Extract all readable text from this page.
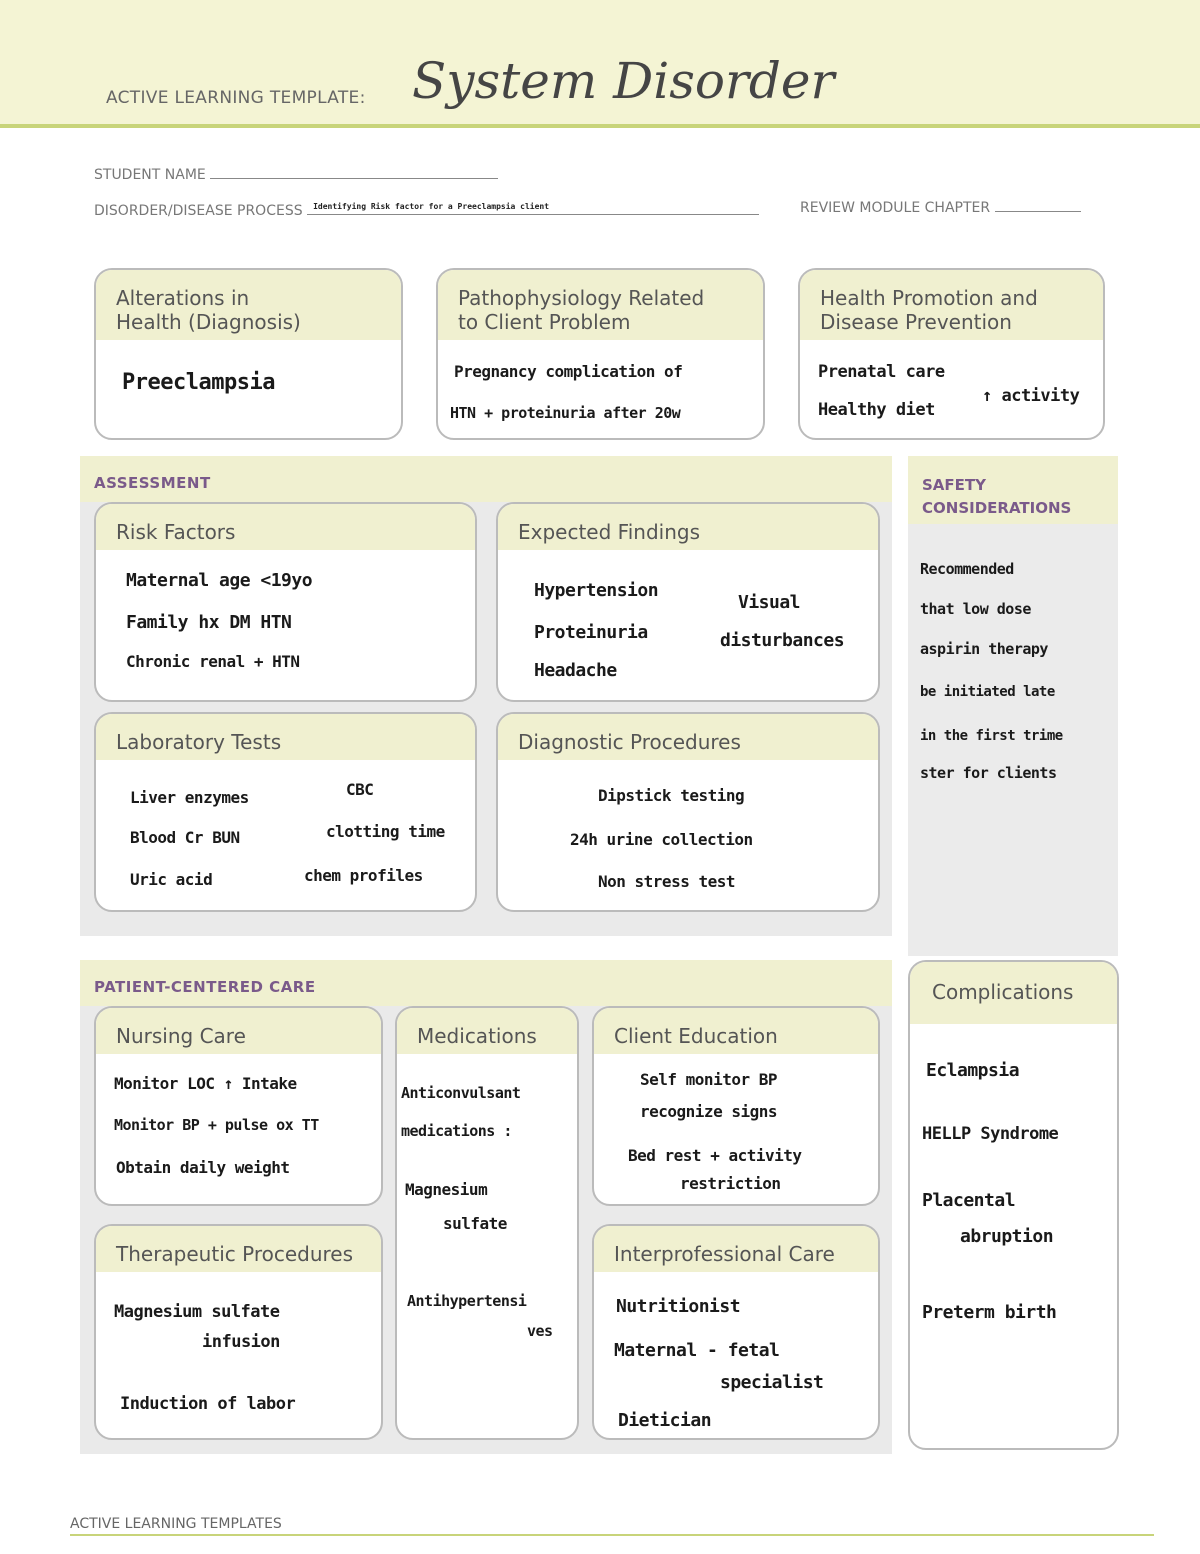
ACTIVE LEARNING TEMPLATE: System Disorder
STUDENT NAME
DISORDER/DISEASE PROCESS Identifying Risk factor for a Preeclampsia client	REVIEW MODULE CHAPTER
Alterations in
Health (Diagnosis)
Preeclampsia
Pathophysiology Related
to Client Problem
Pregnancy complication of
HTN + proteinuria after 20w
Health Promotion and
Disease Prevention
Prenatal care
Healthy diet
↑ activity
ASSESSMENT
Risk Factors
Maternal age <19yo
Family hx DM HTN
Chronic renal + HTN
Expected Findings
Hypertension
Proteinuria
Headache
Visual
disturbances
Laboratory Tests
Liver enzymes
Blood Cr BUN
Uric acid
CBC
clotting time
chem profiles
Diagnostic Procedures
Dipstick testing
24h urine collection
Non stress test
SAFETY
CONSIDERATIONS
Recommended
that low dose
aspirin therapy
be initiated late
in the first trime
ster for clients
PATIENT-CENTERED CARE
Nursing Care
Monitor LOC ↑ Intake
Monitor BP + pulse ox TT
Obtain daily weight
Medications
Anticonvulsant
medications :
Magnesium
sulfate
Antihypertensi
ves
Client Education
Self monitor BP
recognize signs
Bed rest + activity
restriction
Therapeutic Procedures
Magnesium sulfate
infusion
Induction of labor
Interprofessional Care
Nutritionist
Maternal - fetal
specialist
Dietician
Complications
Eclampsia
HELLP Syndrome
Placental
abruption
Preterm birth
ACTIVE LEARNING TEMPLATES
